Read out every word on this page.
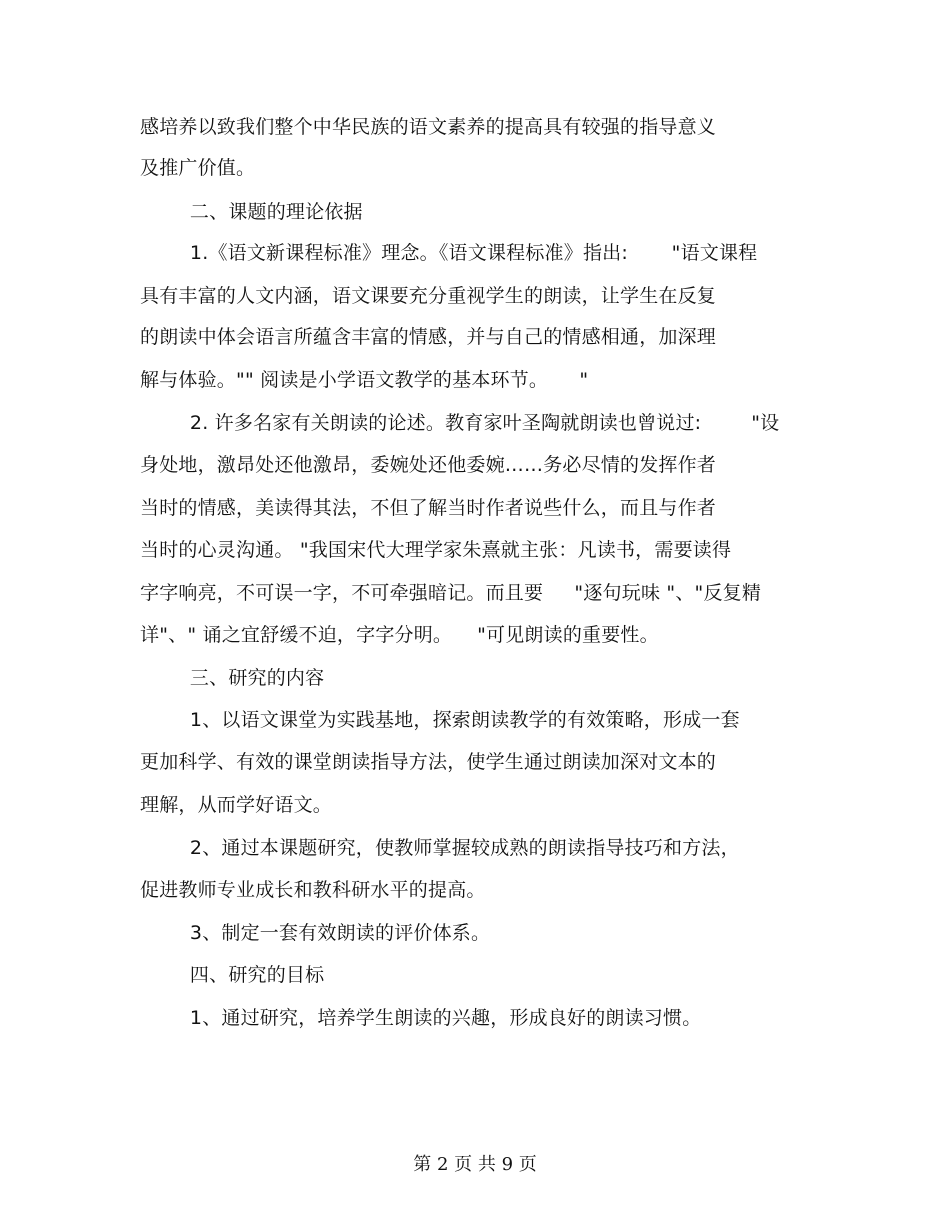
感培养以致我们整个中华民族的语文素养的提高具有较强的指导意义
及推广价值。
二、课题的理论依据
1.《语文新课程标准》理念。《语文课程标准》指出:       "语文课程
具有丰富的人文内涵，语文课要充分重视学生的朗读，让学生在反复
的朗读中体会语言所蕴含丰富的情感，并与自己的情感相通，加深理
解与体验。"" 阅读是小学语文教学的基本环节。     "
2. 许多名家有关朗读的论述。教育家叶圣陶就朗读也曾说过:        "设
身处地，激昂处还他激昂，委婉处还他委婉……务必尽情的发挥作者
当时的情感，美读得其法，不但了解当时作者说些什么，而且与作者
当时的心灵沟通。 "我国宋代大理学家朱熹就主张：凡读书，需要读得
字字响亮，不可误一字，不可牵强暗记。而且要     "逐句玩味 "、"反复精
详"、" 诵之宜舒缓不迫，字字分明。    "可见朗读的重要性。
三、研究的内容
1、以语文课堂为实践基地，探索朗读教学的有效策略，形成一套
更加科学、有效的课堂朗读指导方法，使学生通过朗读加深对文本的
理解，从而学好语文。
2、通过本课题研究，使教师掌握较成熟的朗读指导技巧和方法，
促进教师专业成长和教科研水平的提高。
3、制定一套有效朗读的评价体系。
四、研究的目标
1、通过研究，培养学生朗读的兴趣，形成良好的朗读习惯。
第 2 页 共 9 页
